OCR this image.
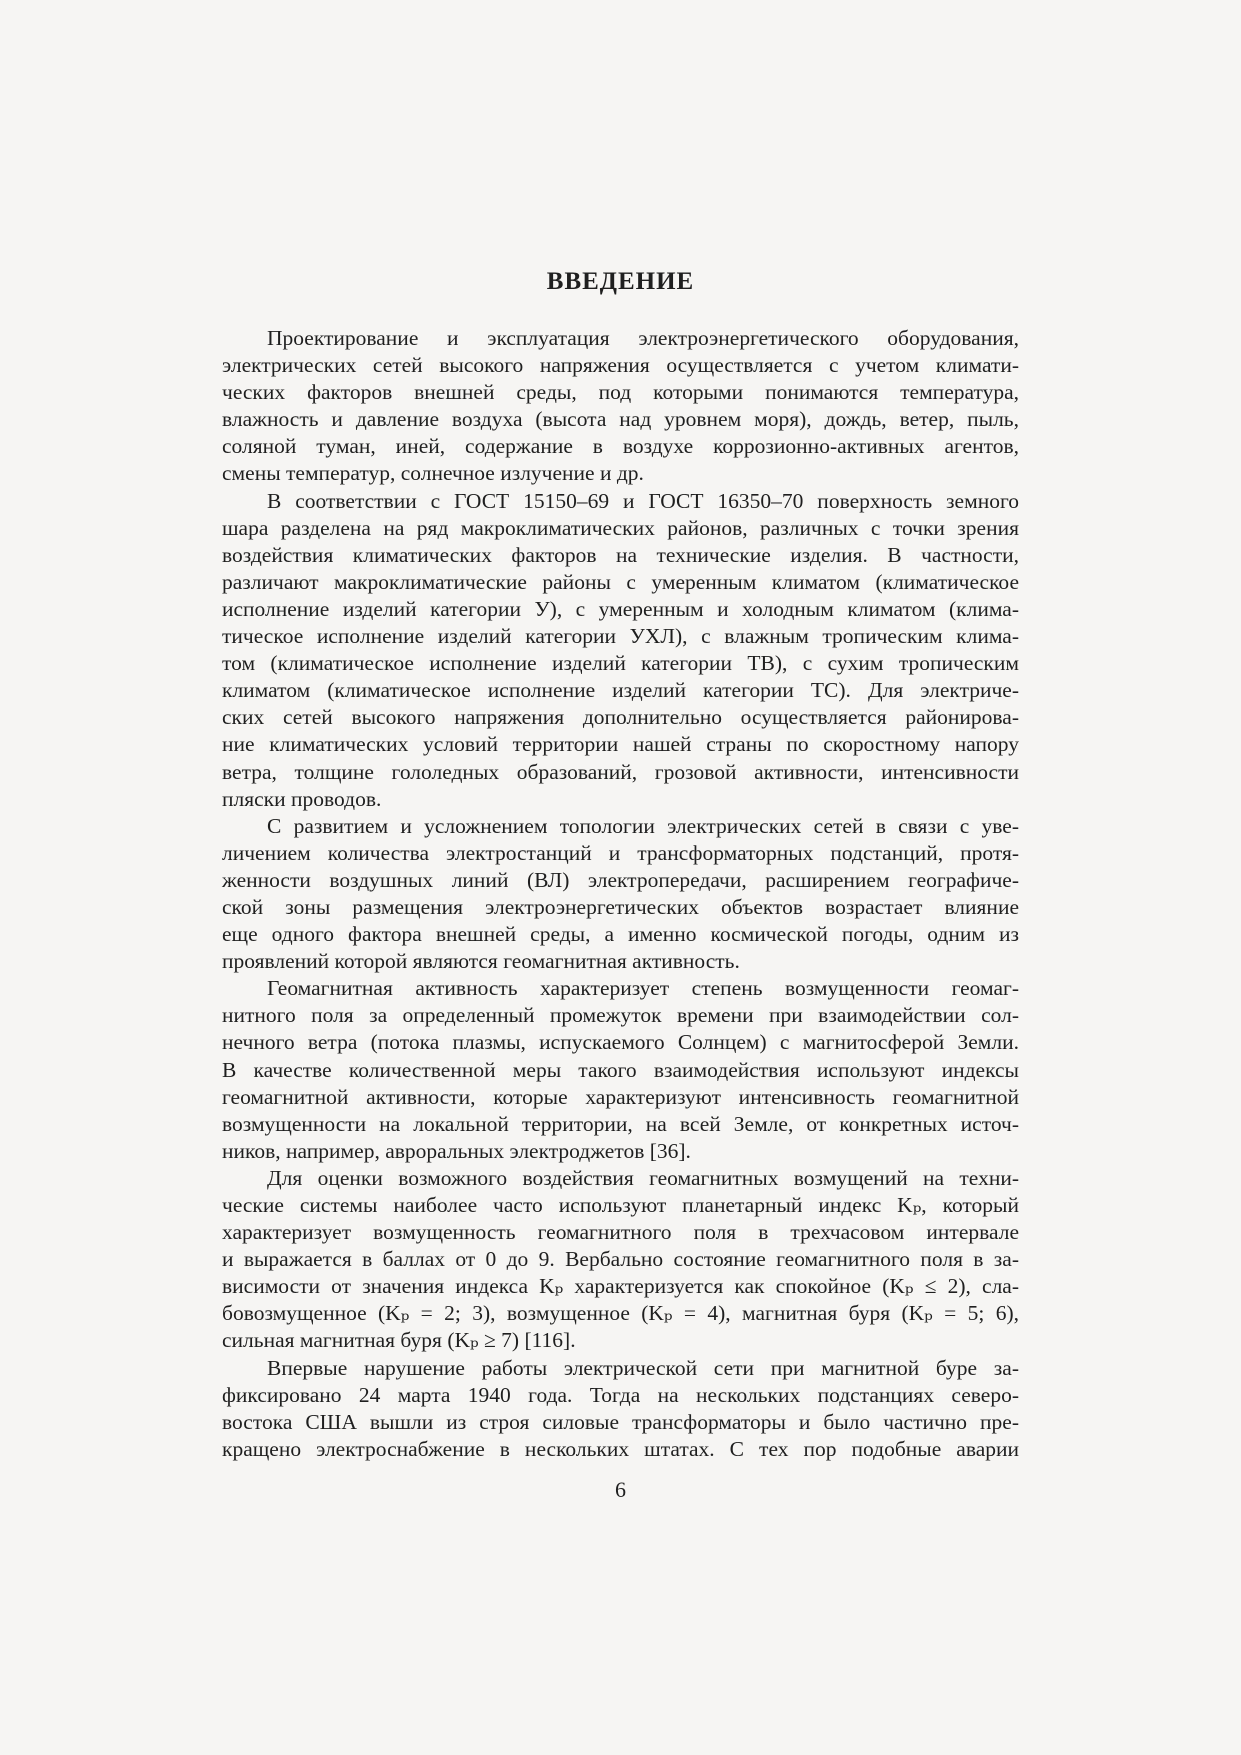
ВВЕДЕНИЕ
Проектирование и эксплуатация электроэнергетического оборудования,
электрических сетей высокого напряжения осуществляется с учетом климати-
ческих факторов внешней среды, под которыми понимаются температура,
влажность и давление воздуха (высота над уровнем моря), дождь, ветер, пыль,
соляной туман, иней, содержание в воздухе коррозионно-активных агентов,
смены температур, солнечное излучение и др.
В соответствии с ГОСТ 15150–69 и ГОСТ 16350–70 поверхность земного
шара разделена на ряд макроклиматических районов, различных с точки зрения
воздействия климатических факторов на технические изделия. В частности,
различают макроклиматические районы с умеренным климатом (климатическое
исполнение изделий категории У), с умеренным и холодным климатом (клима-
тическое исполнение изделий категории УХЛ), с влажным тропическим клима-
том (климатическое исполнение изделий категории ТВ), с сухим тропическим
климатом (климатическое исполнение изделий категории ТС). Для электриче-
ских сетей высокого напряжения дополнительно осуществляется районирова-
ние климатических условий территории нашей страны по скоростному напору
ветра, толщине гололедных образований, грозовой активности, интенсивности
пляски проводов.
С развитием и усложнением топологии электрических сетей в связи с уве-
личением количества электростанций и трансформаторных подстанций, протя-
женности воздушных линий (ВЛ) электропередачи, расширением географиче-
ской зоны размещения электроэнергетических объектов возрастает влияние
еще одного фактора внешней среды, а именно космической погоды, одним из
проявлений которой являются геомагнитная активность.
Геомагнитная активность характеризует степень возмущенности геомаг-
нитного поля за определенный промежуток времени при взаимодействии сол-
нечного ветра (потока плазмы, испускаемого Солнцем) с магнитосферой Земли.
В качестве количественной меры такого взаимодействия используют индексы
геомагнитной активности, которые характеризуют интенсивность геомагнитной
возмущенности на локальной территории, на всей Земле, от конкретных источ-
ников, например, авроральных электроджетов [36].
Для оценки возможного воздействия геомагнитных возмущений на техни-
ческие системы наиболее часто используют планетарный индекс Kₚ, который
характеризует возмущенность геомагнитного поля в трехчасовом интервале
и выражается в баллах от 0 до 9. Вербально состояние геомагнитного поля в за-
висимости от значения индекса Kₚ характеризуется как спокойное (Kₚ ≤ 2), сла-
бовозмущенное (Kₚ = 2; 3), возмущенное (Kₚ = 4), магнитная буря (Kₚ = 5; 6),
сильная магнитная буря (Kₚ ≥ 7) [116].
Впервые нарушение работы электрической сети при магнитной буре за-
фиксировано 24 марта 1940 года. Тогда на нескольких подстанциях северо-
востока США вышли из строя силовые трансформаторы и было частично пре-
кращено электроснабжение в нескольких штатах. С тех пор подобные аварии
6
